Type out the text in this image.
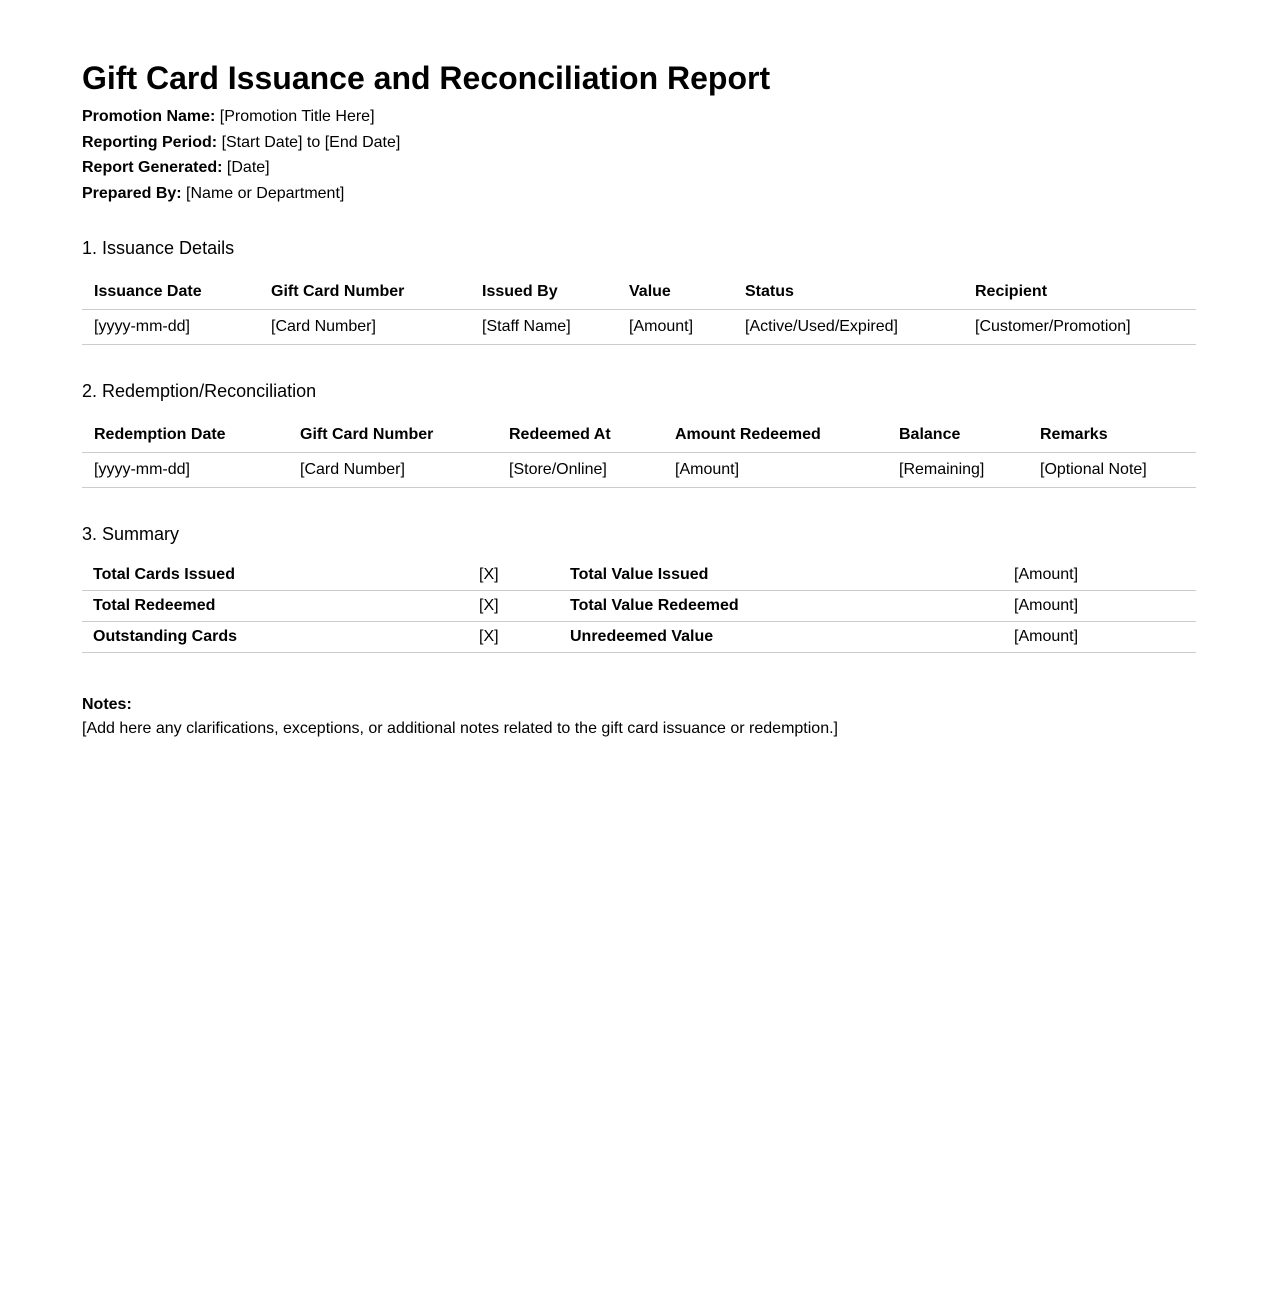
Gift Card Issuance and Reconciliation Report
Promotion Name: [Promotion Title Here]
Reporting Period: [Start Date] to [End Date]
Report Generated: [Date]
Prepared By: [Name or Department]
1. Issuance Details
Issuance Date	Gift Card Number	Issued By	Value	Status	Recipient
[yyyy-mm-dd]	[Card Number]	[Staff Name]	[Amount]	[Active/Used/Expired]	[Customer/Promotion]
2. Redemption/Reconciliation
Redemption Date	Gift Card Number	Redeemed At	Amount Redeemed	Balance	Remarks
[yyyy-mm-dd]	[Card Number]	[Store/Online]	[Amount]	[Remaining]	[Optional Note]
3. Summary
Total Cards Issued	[X]	Total Value Issued	[Amount]
Total Redeemed	[X]	Total Value Redeemed	[Amount]
Outstanding Cards	[X]	Unredeemed Value	[Amount]
Notes:
[Add here any clarifications, exceptions, or additional notes related to the gift card issuance or redemption.]
